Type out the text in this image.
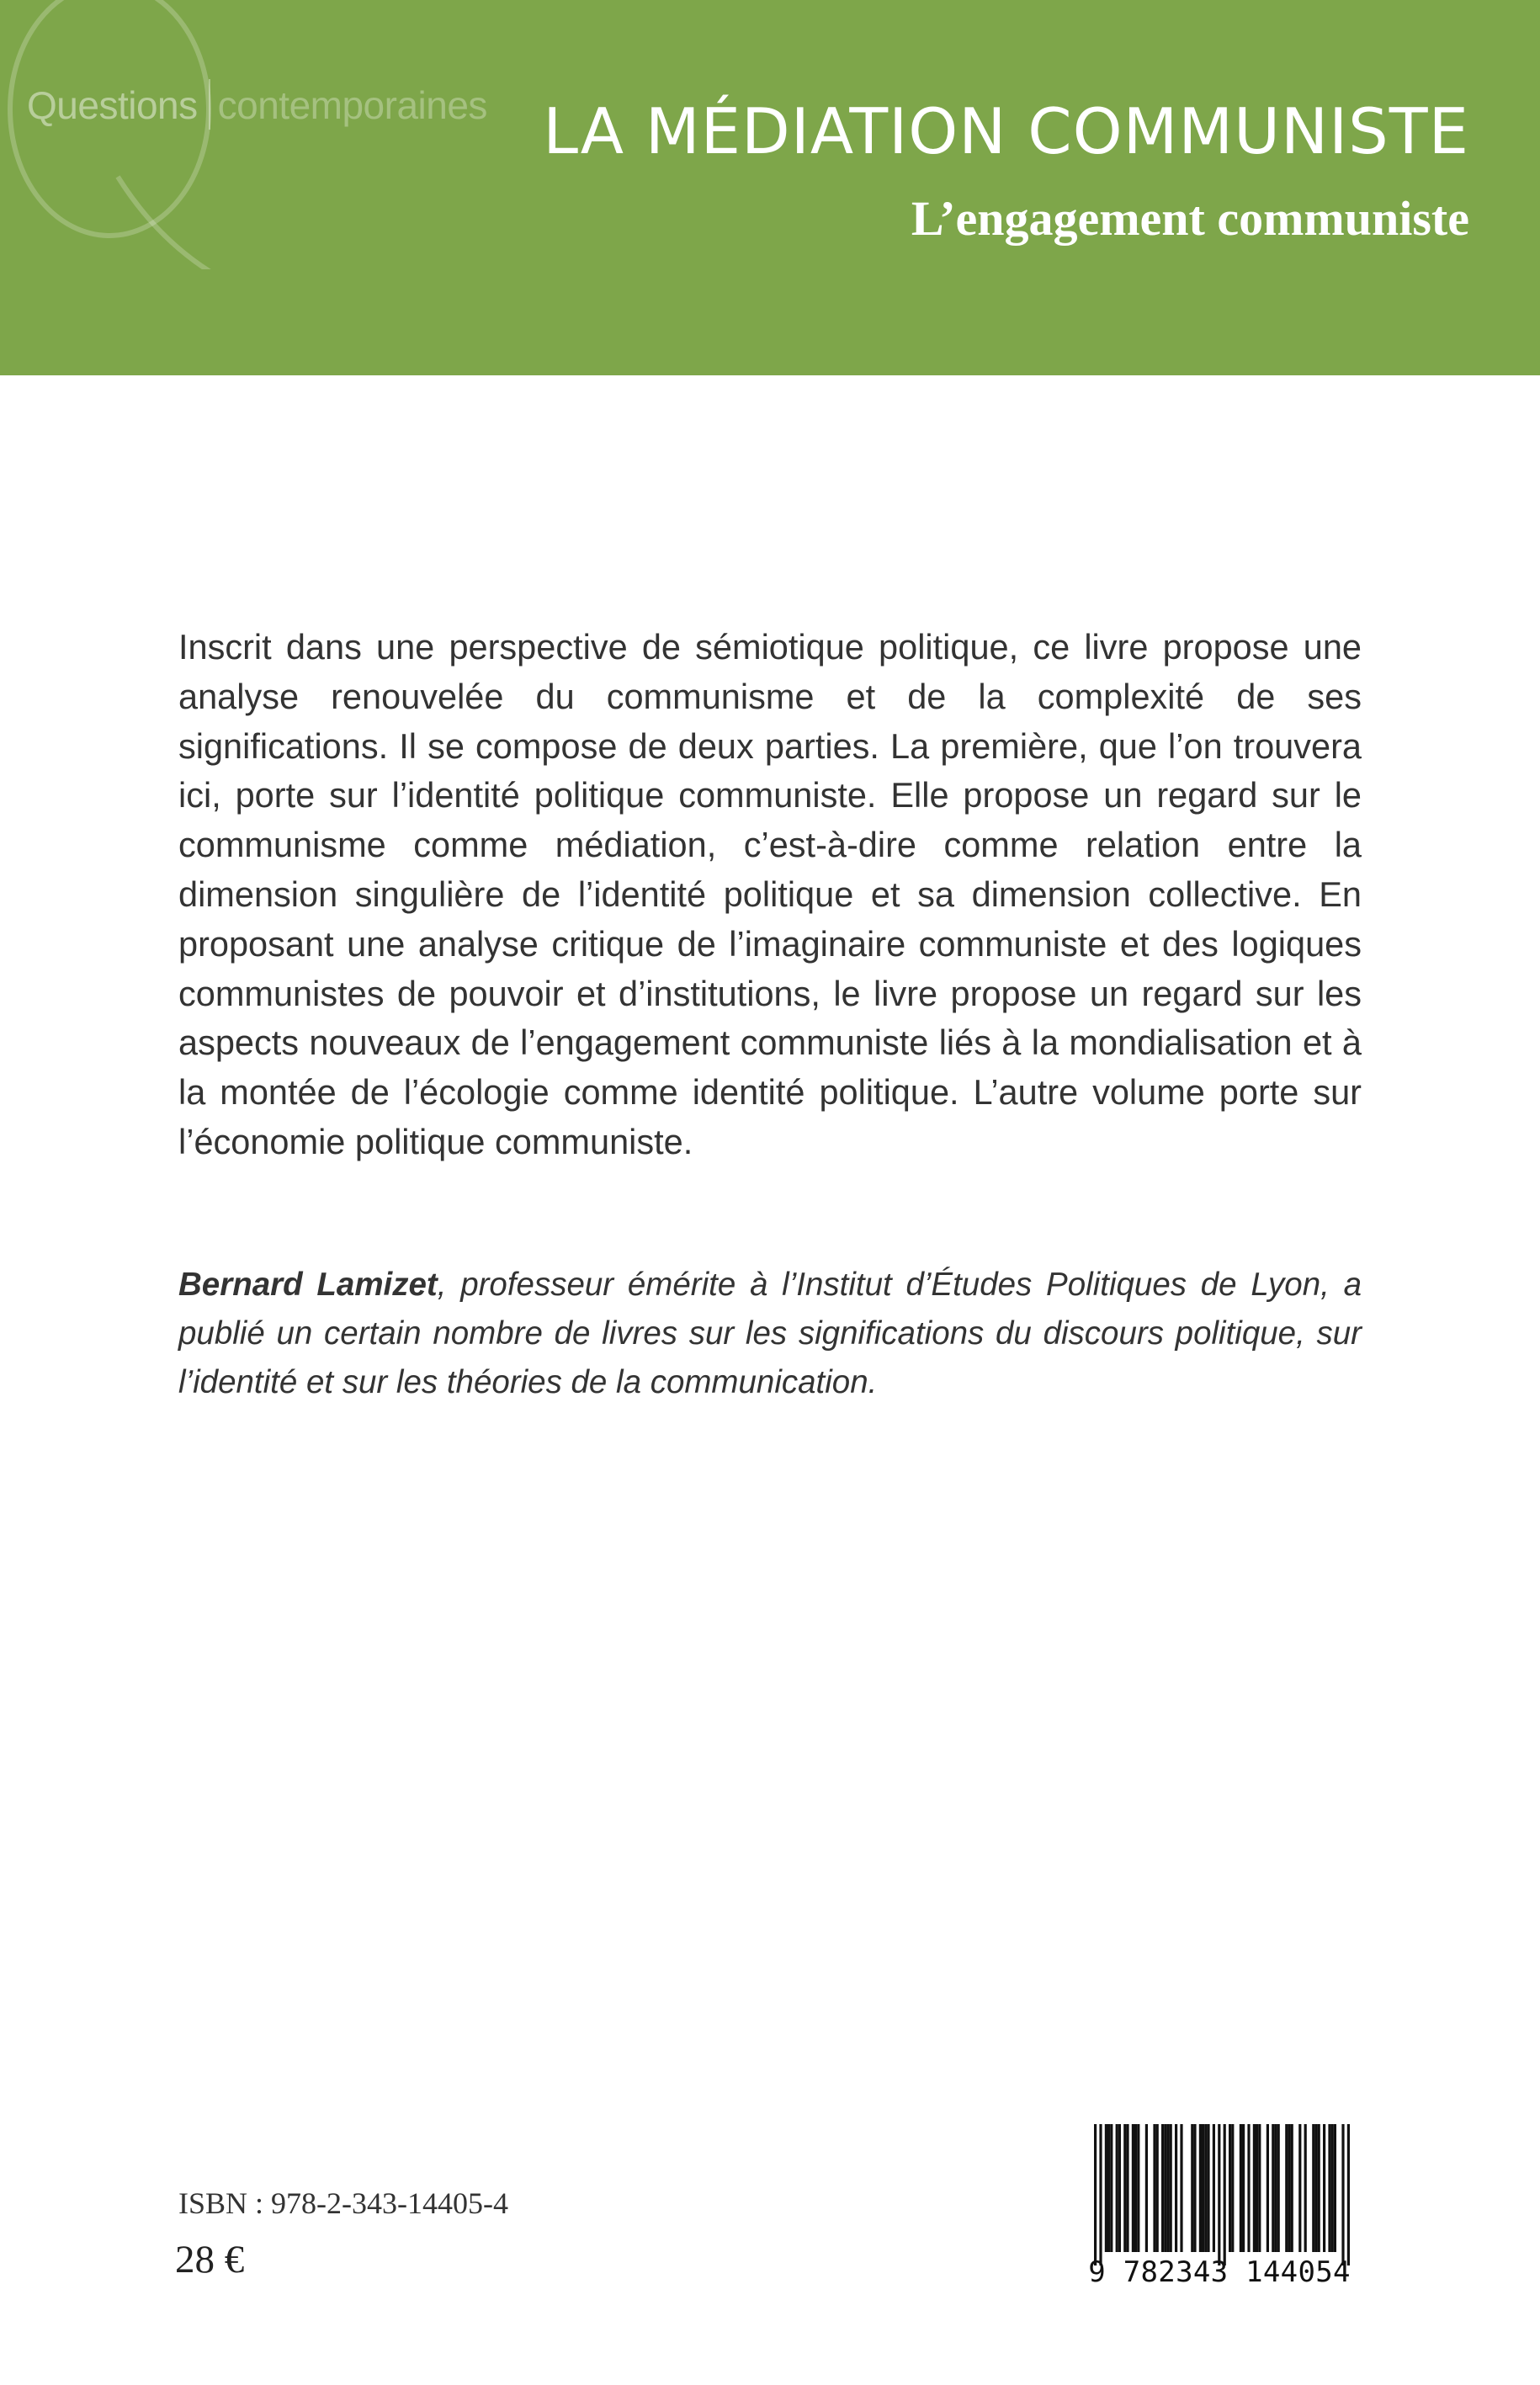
Questions contemporaines LA MÉDIATION COMMUNISTE
L’engagement communiste

Inscrit dans une perspective de sémiotique politique, ce livre propose une analyse renouvelée du communisme et de la complexité de ses significations. Il se compose de deux parties. La première, que l’on trouvera ici, porte sur l’identité politique communiste. Elle propose un regard sur le communisme comme médiation, c’est-à-dire comme relation entre la dimension singulière de l’identité politique et sa dimension collective. En proposant une analyse critique de l’imaginaire communiste et des logiques communistes de pouvoir et d’institutions, le livre propose un regard sur les aspects nouveaux de l’engagement communiste liés à la mondialisation et à la montée de l’écologie comme identité politique. L’autre volume porte sur l’économie politique communiste.

Bernard Lamizet, professeur émérite à l’Institut d’Études Politiques de Lyon, a publié un certain nombre de livres sur les significations du discours politique, sur l’identité et sur les théories de la communication.

ISBN : 978-2-343-14405-4
28 €	9 782343 144054
